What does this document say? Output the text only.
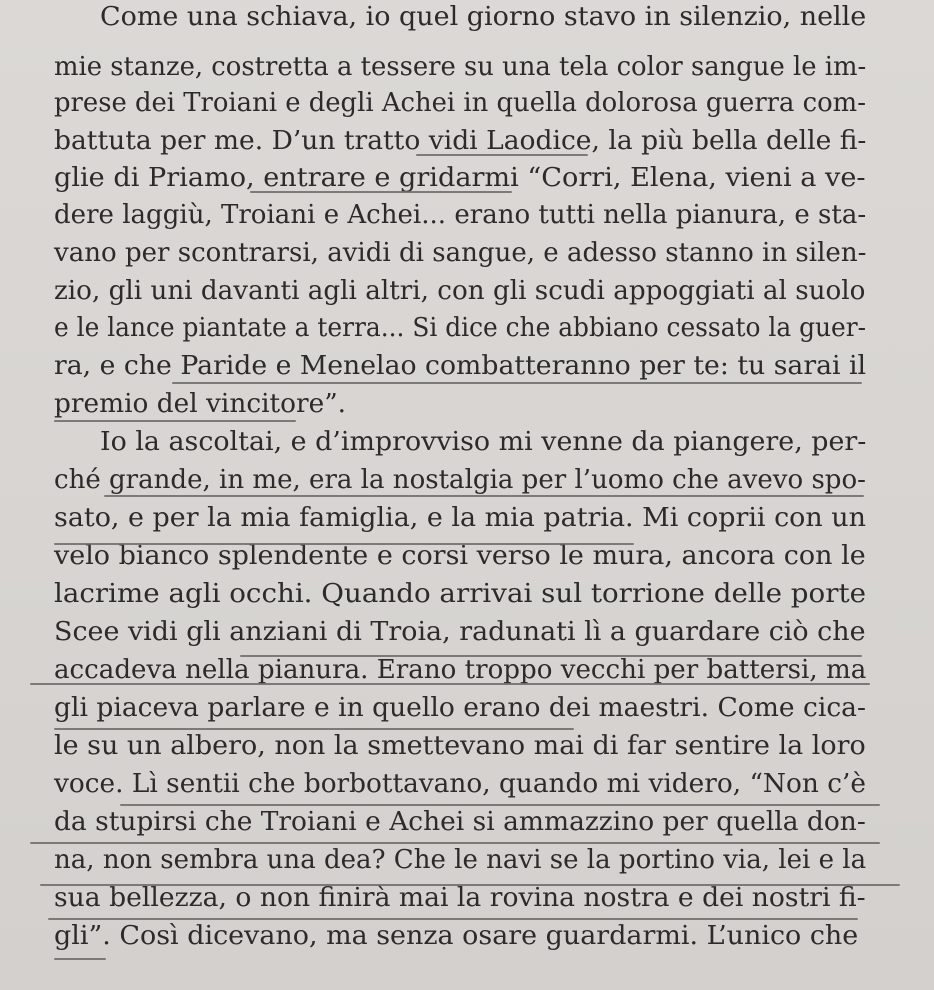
Come una schiava, io quel giorno stavo in silenzio, nelle
mie stanze, costretta a tessere su una tela color sangue le im-
prese dei Troiani e degli Achei in quella dolorosa guerra com-
battuta per me. D’un tratto vidi Laodice, la più bella delle fi-
glie di Priamo, entrare e gridarmi “Corri, Elena, vieni a ve-
dere laggiù, Troiani e Achei... erano tutti nella pianura, e sta-
vano per scontrarsi, avidi di sangue, e adesso stanno in silen-
zio, gli uni davanti agli altri, con gli scudi appoggiati al suolo
e le lance piantate a terra... Si dice che abbiano cessato la guer-
ra, e che Paride e Menelao combatteranno per te: tu sarai il
premio del vincitore”.
Io la ascoltai, e d’improvviso mi venne da piangere, per-
ché grande, in me, era la nostalgia per l’uomo che avevo spo-
sato, e per la mia famiglia, e la mia patria. Mi coprii con un
velo bianco splendente e corsi verso le mura, ancora con le
lacrime agli occhi. Quando arrivai sul torrione delle porte
Scee vidi gli anziani di Troia, radunati lì a guardare ciò che
accadeva nella pianura. Erano troppo vecchi per battersi, ma
gli piaceva parlare e in quello erano dei maestri. Come cica-
le su un albero, non la smettevano mai di far sentire la loro
voce. Lì sentii che borbottavano, quando mi videro, “Non c’è
da stupirsi che Troiani e Achei si ammazzino per quella don-
na, non sembra una dea? Che le navi se la portino via, lei e la
sua bellezza, o non finirà mai la rovina nostra e dei nostri fi-
gli”. Così dicevano, ma senza osare guardarmi. L’unico che
